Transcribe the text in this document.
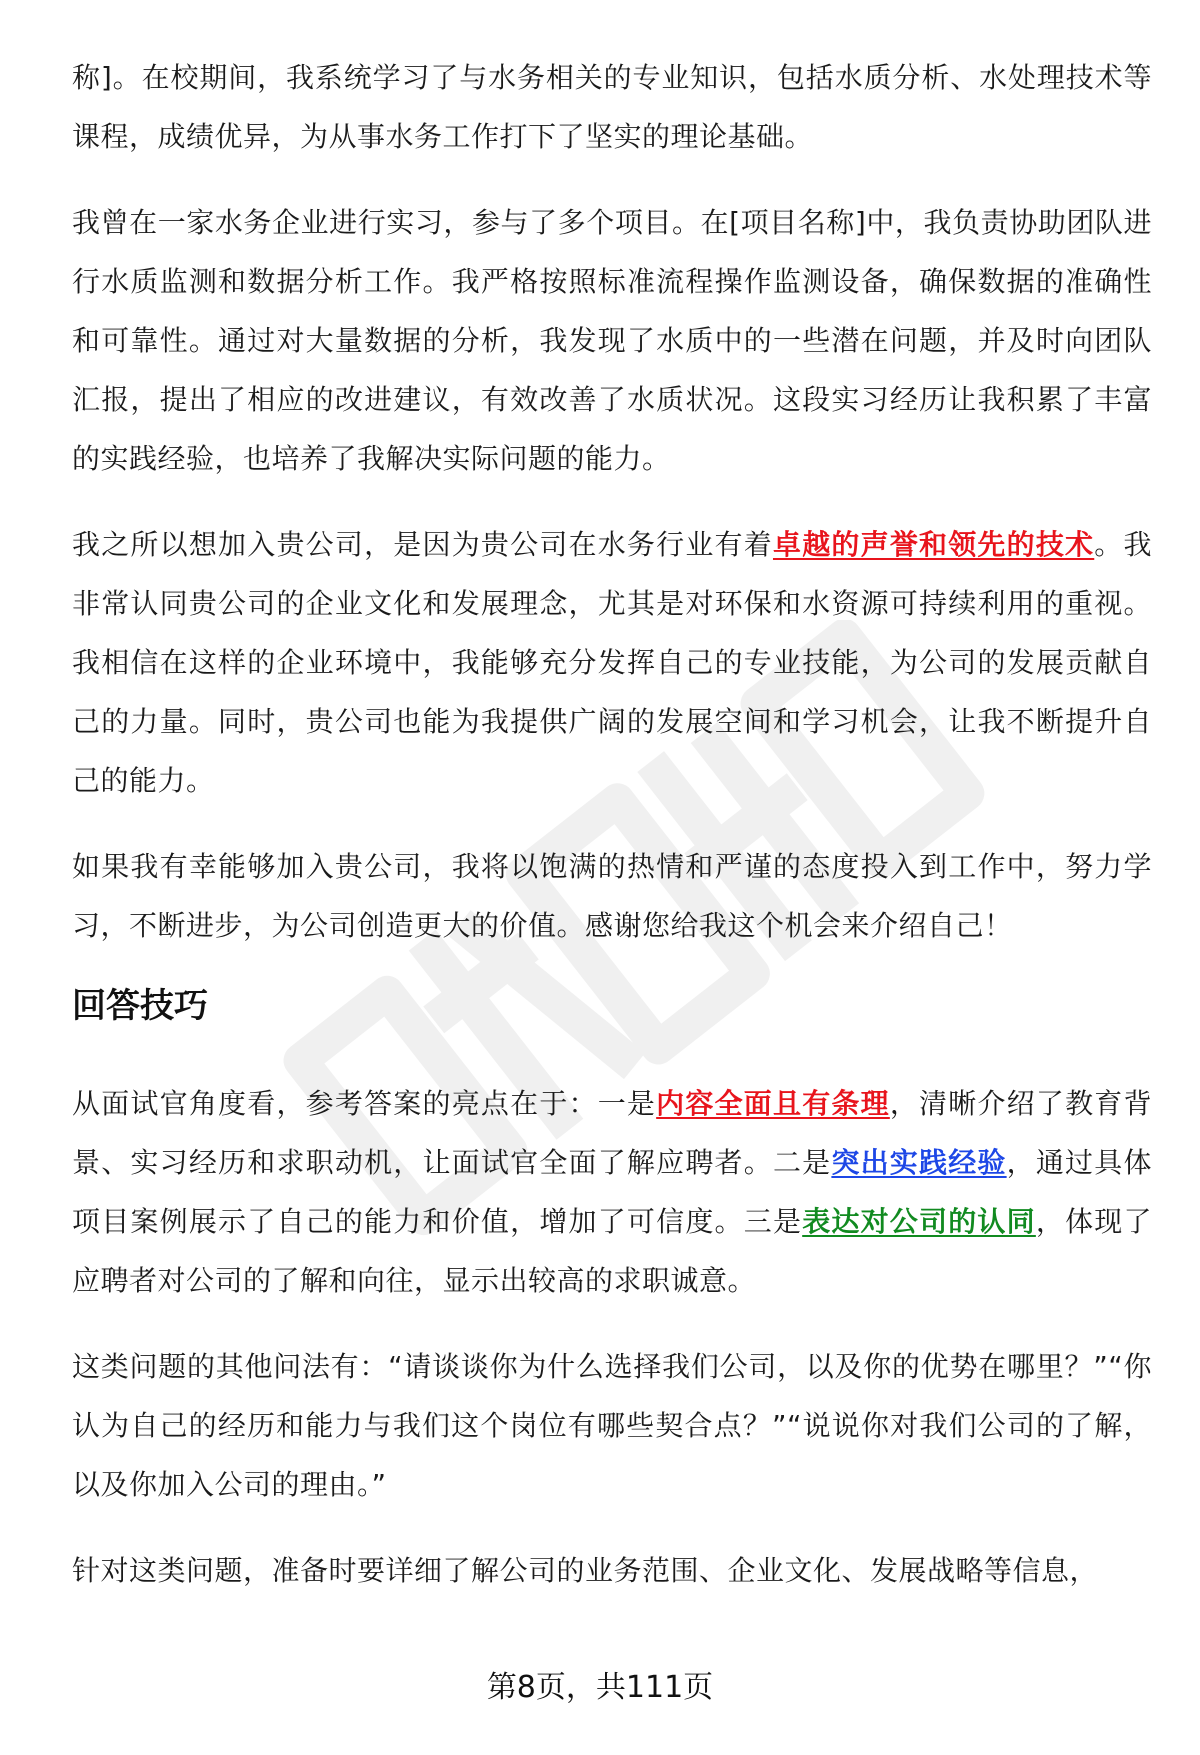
称]。在校期间，我系统学习了与水务相关的专业知识，包括水质分析、水处理技术等课程，成绩优异，为从事水务工作打下了坚实的理论基础。

我曾在一家水务企业进行实习，参与了多个项目。在[项目名称]中，我负责协助团队进行水质监测和数据分析工作。我严格按照标准流程操作监测设备，确保数据的准确性和可靠性。通过对大量数据的分析，我发现了水质中的一些潜在问题，并及时向团队汇报，提出了相应的改进建议，有效改善了水质状况。这段实习经历让我积累了丰富的实践经验，也培养了我解决实际问题的能力。

我之所以想加入贵公司，是因为贵公司在水务行业有着卓越的声誉和领先的技术。我非常认同贵公司的企业文化和发展理念，尤其是对环保和水资源可持续利用的重视。我相信在这样的企业环境中，我能够充分发挥自己的专业技能，为公司的发展贡献自己的力量。同时，贵公司也能为我提供广阔的发展空间和学习机会，让我不断提升自己的能力。

如果我有幸能够加入贵公司，我将以饱满的热情和严谨的态度投入到工作中，努力学习，不断进步，为公司创造更大的价值。感谢您给我这个机会来介绍自己！

回答技巧

从面试官角度看，参考答案的亮点在于：一是内容全面且有条理，清晰介绍了教育背景、实习经历和求职动机，让面试官全面了解应聘者。二是突出实践经验，通过具体项目案例展示了自己的能力和价值，增加了可信度。三是表达对公司的认同，体现了应聘者对公司的了解和向往，显示出较高的求职诚意。

这类问题的其他问法有：“请谈谈你为什么选择我们公司，以及你的优势在哪里？”“你认为自己的经历和能力与我们这个岗位有哪些契合点？”“说说你对我们公司的了解，以及你加入公司的理由。”

针对这类问题，准备时要详细了解公司的业务范围、企业文化、发展战略等信息，

第8页，共111页
